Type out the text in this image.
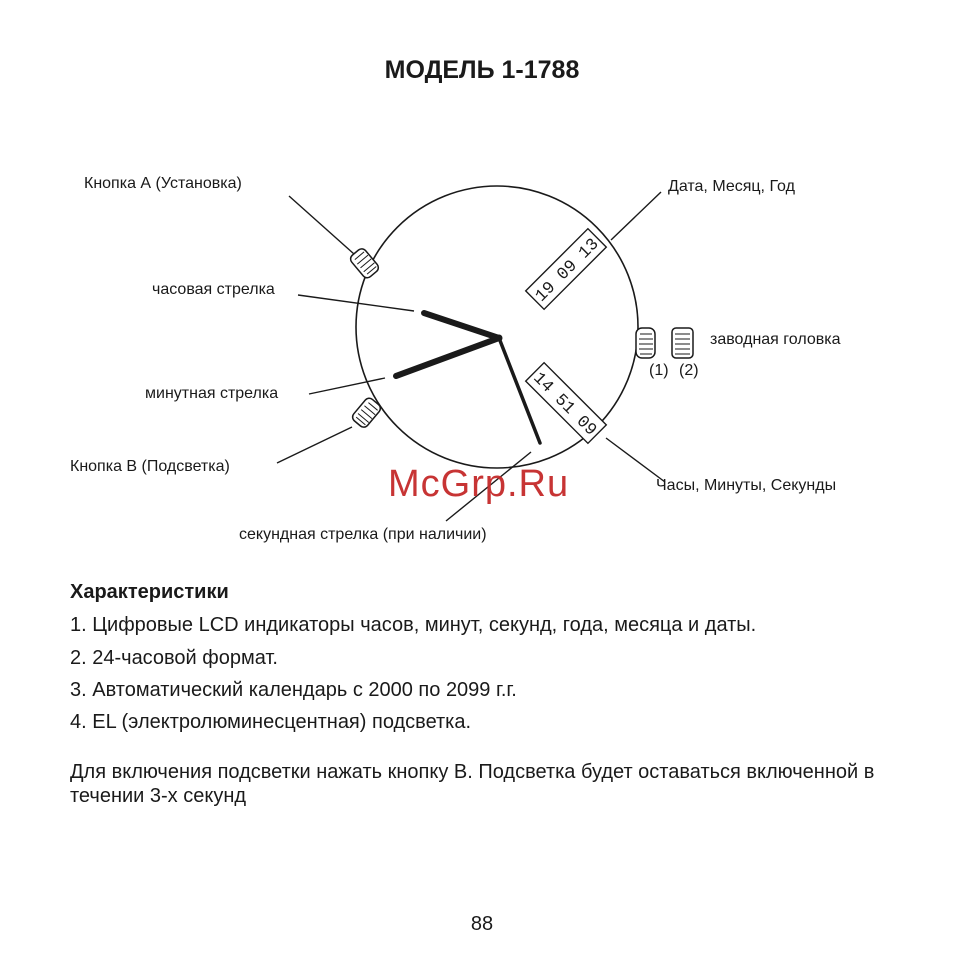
МОДЕЛЬ 1-1788
19 09 13
14 51 09
Кнопка А (Установка)
часовая стрелка
минутная стрелка
Кнопка В (Подсветка)
секундная стрелка (при наличии)
Дата, Месяц, Год
заводная головка
(1) (2)
Часы, Минуты, Секунды
McGrp.Ru
Характеристики
1. Цифровые LCD индикаторы часов, минут, секунд, года, месяца и даты.
2. 24-часовой формат.
3. Автоматический календарь с 2000 по 2099 г.г.
4. EL (электролюминесцентная) подсветка.
Для включения подсветки нажать кнопку В. Подсветка будет оставаться включенной в течении 3-х секунд
88
